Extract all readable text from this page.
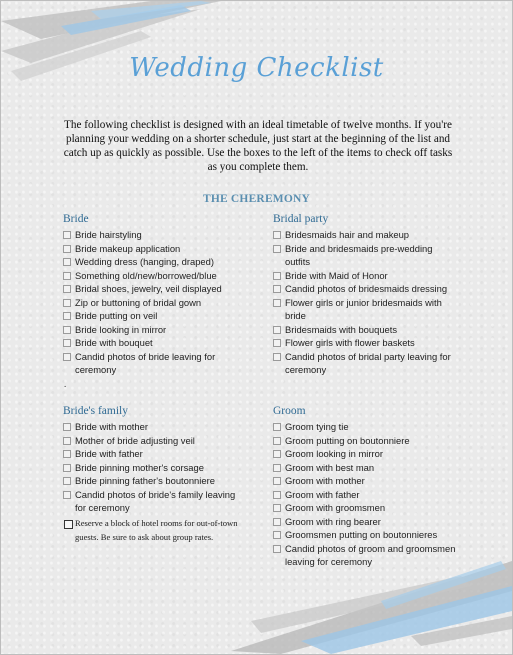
Wedding Checklist
The following checklist is designed with an ideal timetable of twelve months. If you're planning your wedding on a shorter schedule, just start at the beginning of the list and catch up as quickly as possible. Use the boxes to the left of the items to check off tasks as you complete them.
THE CHEREMONY
Bride
Bride hairstyling
Bride makeup application
Wedding dress (hanging, draped)
Something old/new/borrowed/blue
Bridal shoes, jewelry, veil displayed
Zip or buttoning of bridal gown
Bride putting on veil
Bride looking in mirror
Bride with bouquet
Candid photos of bride leaving for ceremony
.
Bridal party
Bridesmaids hair and makeup
Bride and bridesmaids pre-wedding outfits
Bride with Maid of Honor
Candid photos of bridesmaids dressing
Flower girls or junior bridesmaids with bride
Bridesmaids with bouquets
Flower girls with flower baskets
Candid photos of bridal party leaving for ceremony
Bride's family
Bride with mother
Mother of bride adjusting veil
Bride with father
Bride pinning mother's corsage
Bride pinning father's boutonniere
Candid photos of bride's family leaving for ceremony
Reserve a block of hotel rooms for out-of-town guests. Be sure to ask about group rates.
Groom
Groom tying tie
Groom putting on boutonniere
Groom looking in mirror
Groom with best man
Groom with mother
Groom with father
Groom with groomsmen
Groom with ring bearer
Groomsmen putting on boutonnieres
Candid photos of groom and groomsmen leaving for ceremony
